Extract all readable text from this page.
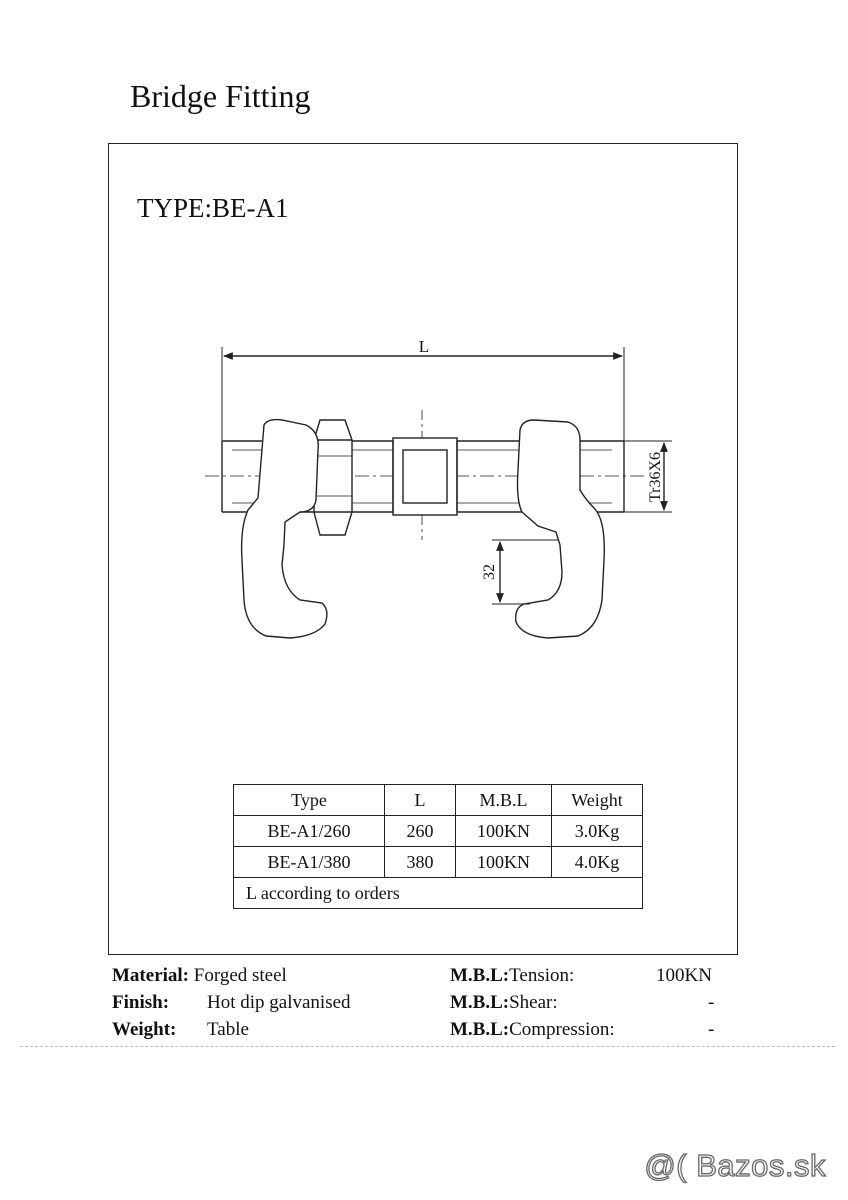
Bridge Fitting
TYPE:BE-A1
L
Tr36X6
32
Type	L	M.B.L	Weight
BE-A1/260	260	100KN	3.0Kg
BE-A1/380	380	100KN	4.0Kg
L according to orders			
Material: Forged steel
Finish: Hot dip galvanised
Weight: Table
M.B.L:Tension:	100KN
M.B.L:Shear:	-
M.B.L:Compression:	-
@( Bazos.sk
